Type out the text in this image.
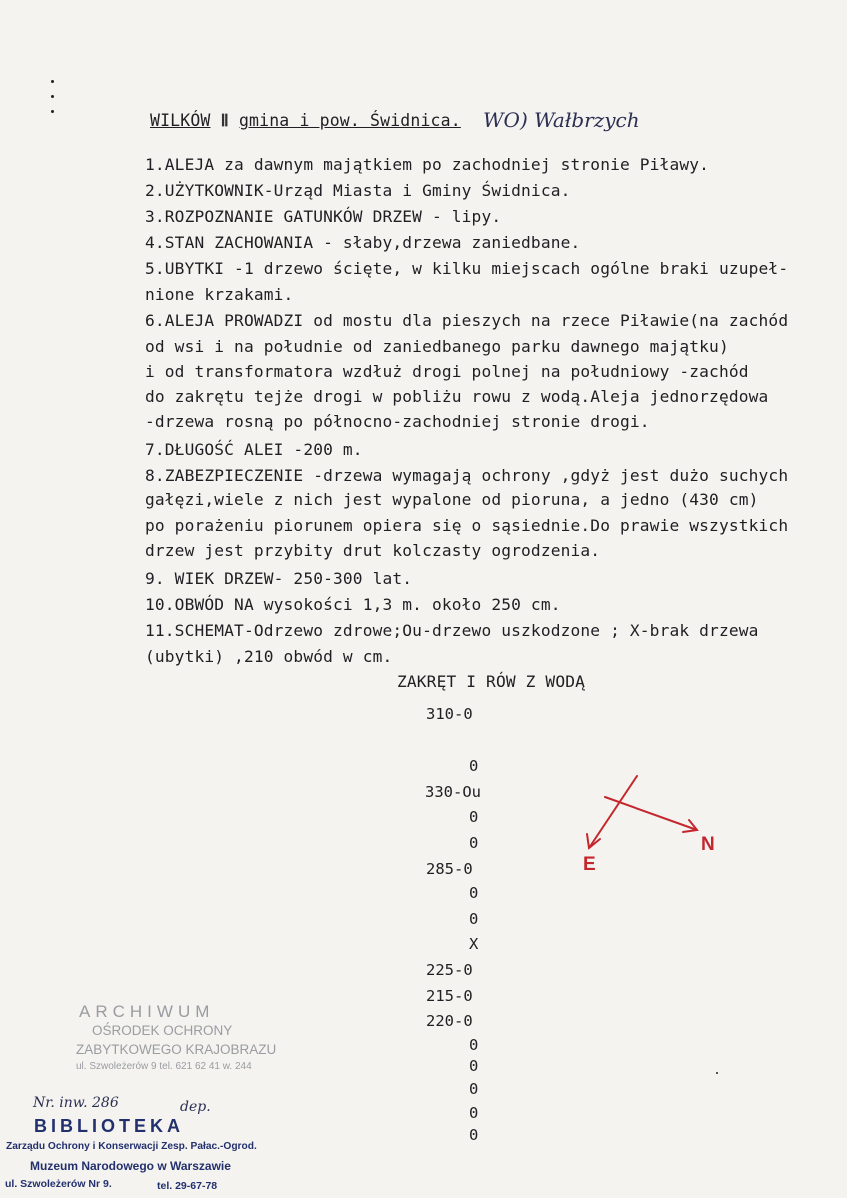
WILKÓW Ⅱ gmina i pow. Świdnica. WO) Wałbrzych
1.ALEJA za dawnym majątkiem po zachodniej stronie Piławy.
2.UŻYTKOWNIK-Urząd Miasta i Gminy Świdnica.
3.ROZPOZNANIE GATUNKÓW DRZEW - lipy.
4.STAN ZACHOWANIA - słaby,drzewa zaniedbane.
5.UBYTKI -1 drzewo ścięte, w kilku miejscach ogólne braki uzupeł-
nione krzakami.
6.ALEJA PROWADZI od mostu dla pieszych na rzece Piławie(na zachód
od wsi i na południe od zaniedbanego parku dawnego majątku)
i od transformatora wzdłuż drogi polnej na południowy -zachód
do zakrętu tejże drogi w pobliżu rowu z wodą.Aleja jednorzędowa
-drzewa rosną po północno-zachodniej stronie drogi.
7.DŁUGOŚĆ ALEI -200 m.
8.ZABEZPIECZENIE -drzewa wymagają ochrony ,gdyż jest dużo suchych
gałęzi,wiele z nich jest wypalone od pioruna, a jedno (430 cm)
po porażeniu piorunem opiera się o sąsiednie.Do prawie wszystkich
drzew jest przybity drut kolczasty ogrodzenia.
9. WIEK DRZEW- 250-300 lat.
10.OBWÓD NA wysokości 1,3 m. około 250 cm.
11.SCHEMAT-Odrzewo zdrowe;Ou-drzewo uszkodzone ; X-brak drzewa
(ubytki) ,210 obwód w cm.
ZAKRĘT I RÓW Z WODĄ
310-0
0
330-Ou
0
0
285-0
0
0
X
225-0
215-0
220-0
0
0
0
0
0
E
N
ARCHIWUM
OŚRODEK OCHRONY
ZABYTKOWEGO KRAJOBRAZU
ul. Szwoleżerów 9 tel. 621 62 41 w. 244
Nr. inw. 286	dep.
BIBLIOTEKA
Zarządu Ochrony i Konserwacji Zesp. Pałac.-Ogrod.
Muzeum Narodowego w Warszawie
ul. Szwoleżerów Nr 9.	tel. 29-67-78
